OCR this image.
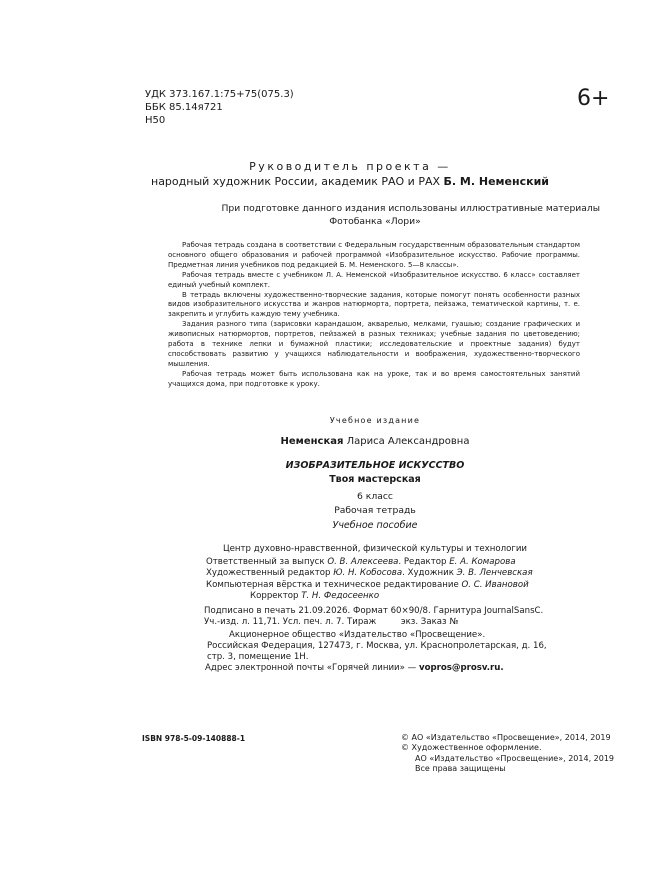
УДК 373.167.1:75+75(075.3)
ББК 85.14я721
Н50
6+
Руководитель проекта —
народный художник России, академик РАО и РАХ Б. М. Неменский
При подготовке данного издания использованы иллюстративные материалы
Фотобанка «Лори»

Рабочая тетрадь создана в соответствии с Федеральным государственным образовательным стандартом основного общего образования и рабочей программой «Изобразительное искусство. Рабочие программы. Предметная линия учебников под редакцией Б. М. Неменского. 5—8 классы».

Рабочая тетрадь вместе с учебником Л. А. Неменской «Изобразительное искусство. 6 класс» составляет единый учебный комплект.

В тетрадь включены художественно-творческие задания, которые помогут понять особенности разных видов изобразительного искусства и жанров натюрморта, портрета, пейзажа, тематической картины, т. е. закрепить и углубить каждую тему учебника.

Задания разного типа (зарисовки карандашом, акварелью, мелками, гуашью; создание графических и живописных натюрмортов, портретов, пейзажей в разных техниках; учебные задания по цветоведению; работа в технике лепки и бумажной пластики; исследовательские и проектные задания) будут способствовать развитию у учащихся наблюдательности и воображения, художественно-творческого мышления.

Рабочая тетрадь может быть использована как на уроке, так и во время самостоятельных занятий учащихся дома, при подготовке к уроку.

Учебное издание
Неменская Лариса Александровна
ИЗОБРАЗИТЕЛЬНОЕ ИСКУССТВО
Твоя мастерская
6 класс
Рабочая тетрадь
Учебное пособие
Центр духовно-нравственной, физической культуры и технологии
Ответственный за выпуск О. В. Алексеева. Редактор Е. А. Комарова
Художественный редактор Ю. Н. Кобосова. Художник Э. В. Ленчевская
Компьютерная вёрстка и техническое редактирование О. С. Ивановой
Корректор Т. Н. Федосеенко
Подписано в печать 21.09.2026. Формат 60×90/8. Гарнитура JournalSansC.
Уч.-изд. л. 11,71. Усл. печ. л. 7. Тираж         экз. Заказ №
Акционерное общество «Издательство «Просвещение».
Российская Федерация, 127473, г. Москва, ул. Краснопролетарская, д. 16,
стр. 3, помещение 1Н.
Адрес электронной почты «Горячей линии» — vopros@prosv.ru.
ISBN 978-5-09-140888-1	© АО «Издательство «Просвещение», 2014, 2019
© Художественное оформление.
АО «Издательство «Просвещение», 2014, 2019
Все права защищены
